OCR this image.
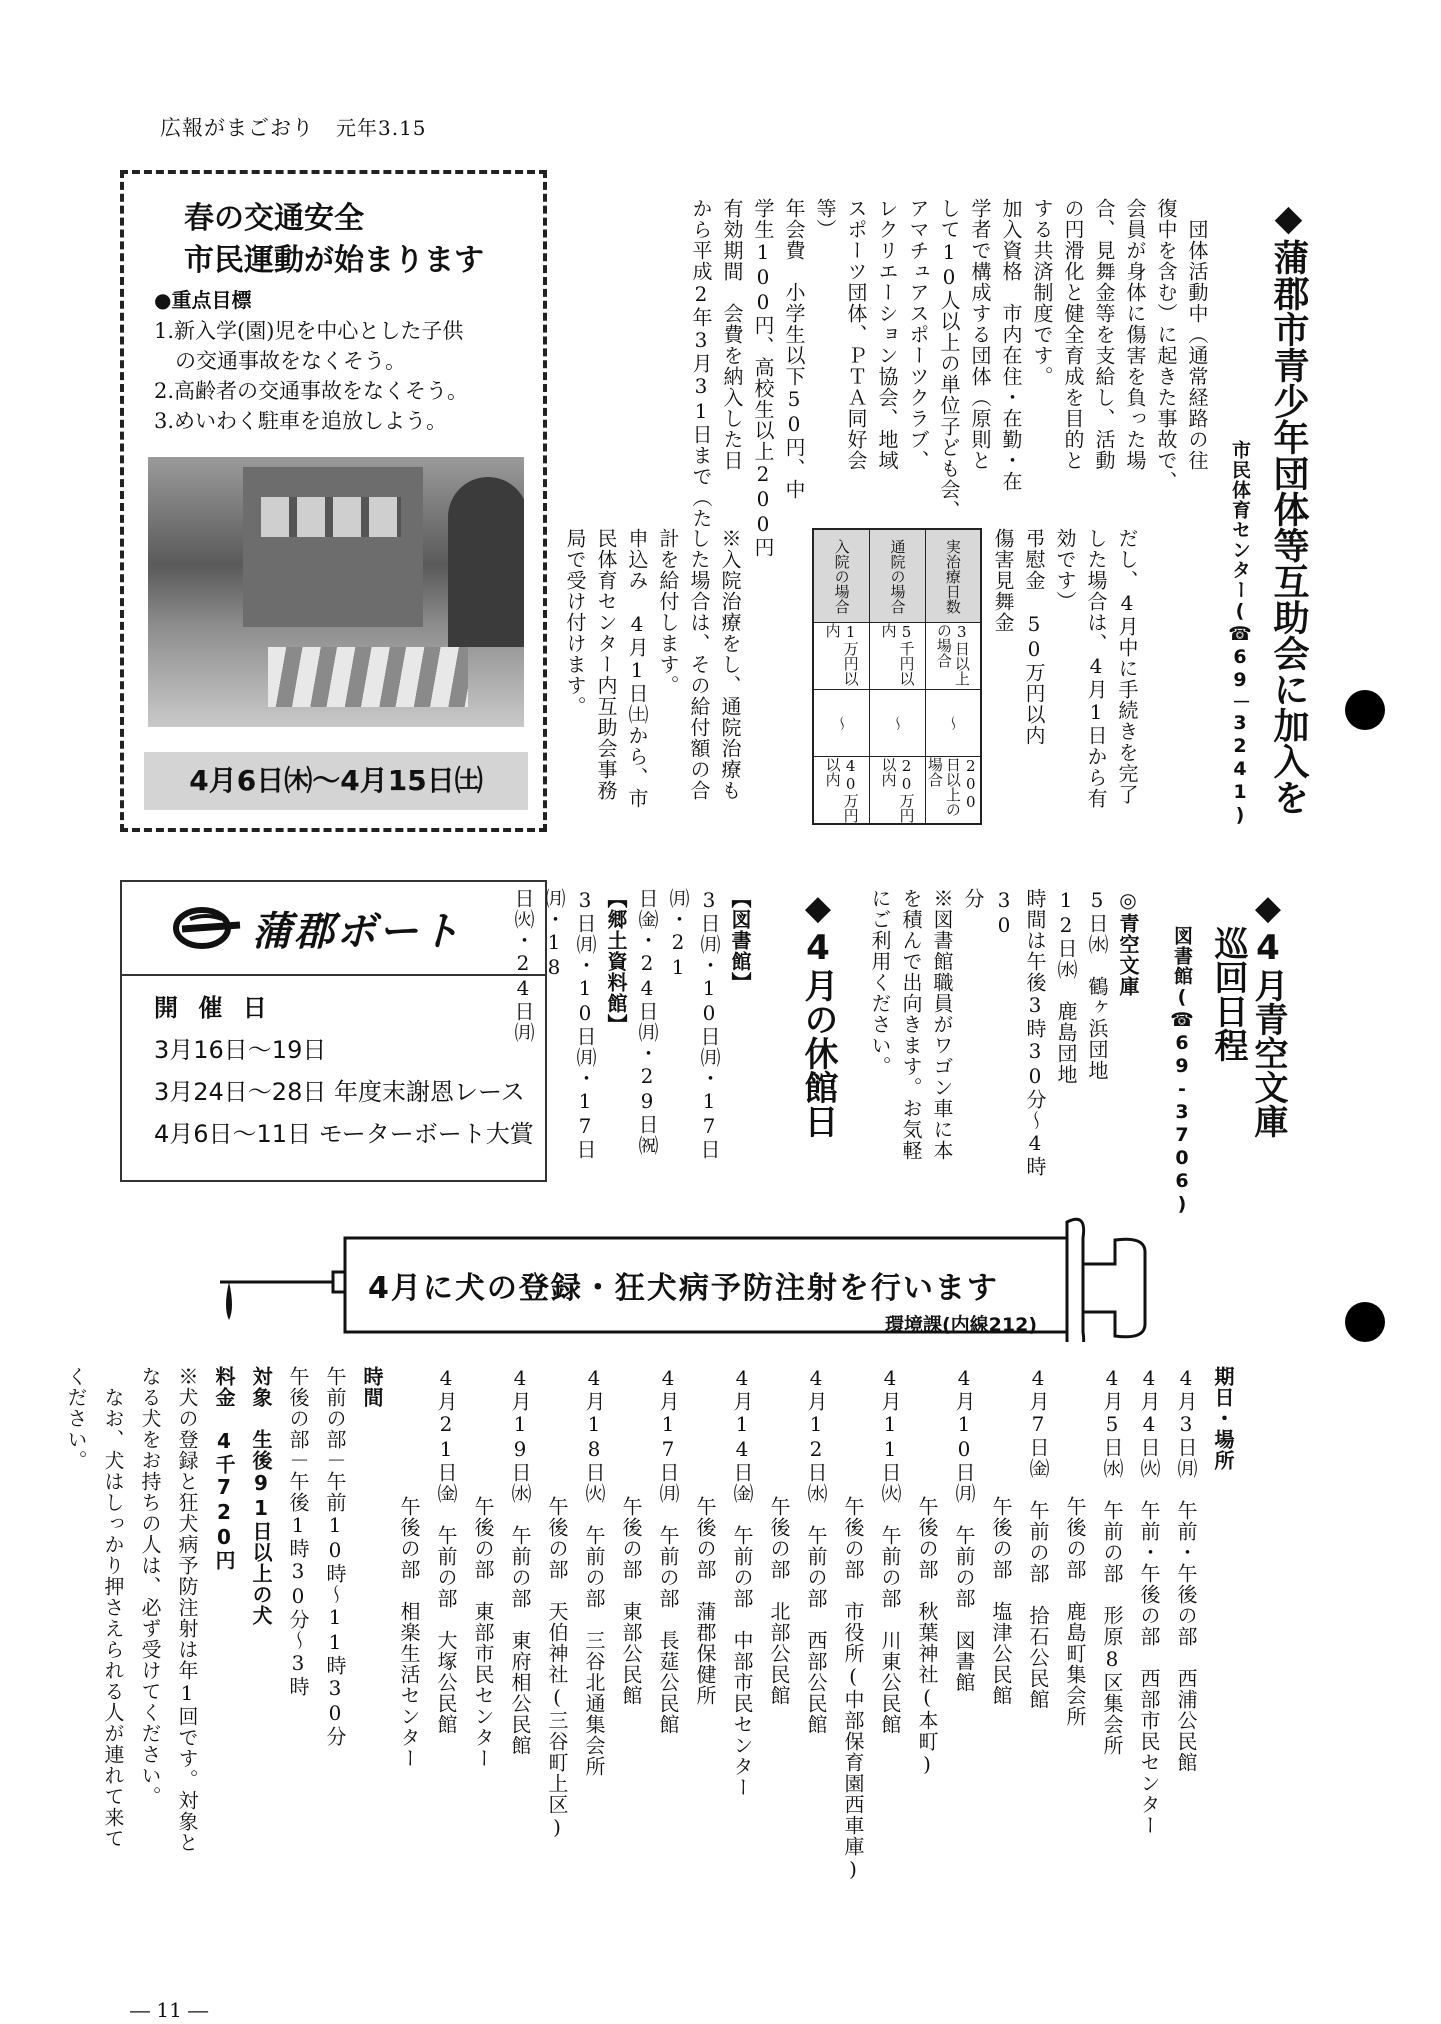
広報がまごおり 元年3.15
春の交通安全
市民運動が始まります
●重点目標
1.新入学(園)児を中心とした子供
　の交通事故をなくそう。
2.高齢者の交通事故をなくそう。
3.めいわく駐車を追放しよう。
4月6日㈭～4月15日㈯
蒲郡ボート
開 催 日
3月16日～19日
3月24日～28日 年度末謝恩レース
4月6日～11日 モーターボート大賞
◆蒲郡市青少年団体等互助会に加入を
市民体育センター(☎69－3241)
　団体活動中（通常経路の往
復中を含む）に起きた事故で、
会員が身体に傷害を負った場
合、見舞金等を支給し、活動
の円滑化と健全育成を目的と
する共済制度です。
加入資格　市内在住・在勤・在
学者で構成する団体（原則と
して10人以上の単位子ども会、
アマチュアスポーツクラブ、
レクリエーション協会、地域
スポーツ団体、ＰＴＡ同好会
等）
年会費　小学生以下50円、中
学生100円、高校生以上200円
有効期間　会費を納入した日
から平成2年3月31日まで（た
だし、4月中に手続きを完了
した場合は、4月1日から有
効です）
弔慰金　50万円以内
傷害見舞金
入院の場合
1万円以内
～
40万円以内
通院の場合
5千円以内
～
20万円以内
実治療日数
3日以上の場合
～
200日以上の場合
※入院治療をし、通院治療も
した場合は、その給付額の合
計を給付します。
申込み　4月1日㈯から、市
民体育センター内互助会事務
局で受け付けます。
◆4月青空文庫
巡回日程
図書館(☎69-3706)
◎青空文庫
5日㈬　鶴ヶ浜団地
12日㈬　鹿島団地
時間は午後3時30分～4時30
分
※図書館職員がワゴン車に本
を積んで出向きます。お気軽
にご利用ください。
◆4月の休館日
【図書館】
3日㈪・10日㈪・17日㈪・21
日㈮・24日㈪・29日㈷
【郷土資料館】
3日㈪・10日㈪・17日㈪・18
日㈫・24日㈪
4月に犬の登録・狂犬病予防注射を行います
環境課(内線212)
期日・場所
4月3日㈪　午前・午後の部　西浦公民館
4月4日㈫　午前・午後の部　西部市民センター
4月5日㈬　午前の部　形原8区集会所
午後の部　鹿島町集会所
4月7日㈮　午前の部　拾石公民館
午後の部　塩津公民館
4月10日㈪　午前の部　図書館
午後の部　秋葉神社(本町)
4月11日㈫　午前の部　川東公民館
午後の部　市役所(中部保育園西車庫)
4月12日㈬　午前の部　西部公民館
午後の部　北部公民館
4月14日㈮　午前の部　中部市民センター
午後の部　蒲郡保健所
4月17日㈪　午前の部　長莚公民館
午後の部　東部公民館
4月18日㈫　午前の部　三谷北通集会所
午後の部　天伯神社(三谷町上区)
4月19日㈬　午前の部　東府相公民館
午後の部　東部市民センター
4月21日㈮　午前の部　大塚公民館
午後の部　相楽生活センター
時間
午前の部－午前10時～11時30分
午後の部－午後1時30分～3時
対象　生後91日以上の犬
料金　4千720円
※犬の登録と狂犬病予防注射は年1回です。対象と
なる犬をお持ちの人は、必ず受けてください。
　なお、犬はしっかり押さえられる人が連れて来て
ください。
― 11 ―
